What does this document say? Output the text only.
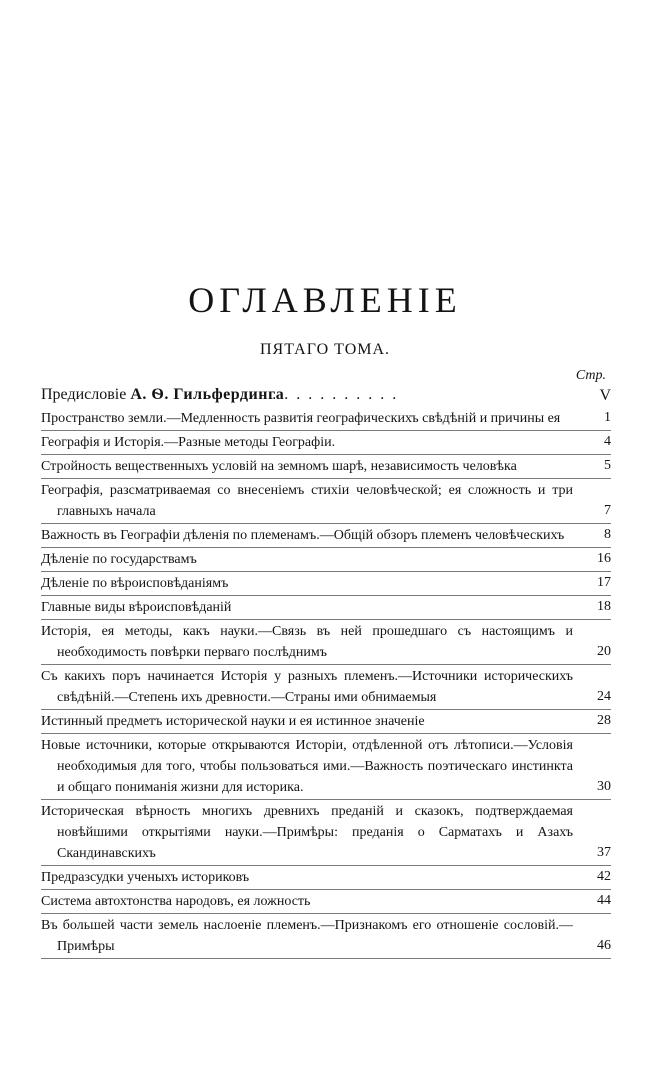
ОГЛАВЛЕНІЕ
ПЯТАГО ТОМА.
Стр.
Предисловіе А. Ѳ. Гильфердинга . . . . . . . . . . .	V
Пространство земли.—Медленность развитія географическихъ свѣдѣній и причины ея	1
Географія и Исторія.—Разные методы Географіи.	4
Стройность вещественныхъ условій на земномъ шарѣ, независимость человѣка	5
Географія, разсматриваемая со внесеніемъ стихіи человѣческой; ея сложность и три главныхъ начала	7
Важность въ Географіи дѣленія по племенамъ.—Общій обзоръ племенъ человѣческихъ	8
Дѣленіе по государствамъ	16
Дѣленіе по вѣроисповѣданіямъ	17
Главные виды вѣроисповѣданій	18
Исторія, ея методы, какъ науки.—Связь въ ней прошедшаго съ настоящимъ и необходимость повѣрки перваго послѣднимъ	20
Съ какихъ поръ начинается Исторія у разныхъ племенъ.—Источники историческихъ свѣдѣній.—Степень ихъ древности.—Страны ими обнимаемыя	24
Истинный предметъ исторической науки и ея истинное значеніе	28
Новые источники, которые открываются Исторіи, отдѣленной отъ лѣтописи.—Условія необходимыя для того, чтобы пользоваться ими.—Важность поэтическаго инстинкта и общаго пониманія жизни для историка.	30
Историческая вѣрность многихъ древнихъ преданій и сказокъ, подтверждаемая новѣйшими открытіями науки.—Примѣры: преданія о Сарматахъ и Азахъ Скандинавскихъ	37
Предразсудки ученыхъ историковъ	42
Система автохтонства народовъ, ея ложность	44
Въ большей части земель наслоеніе племенъ.—Признакомъ его отношеніе сословій.—Примѣры	46
